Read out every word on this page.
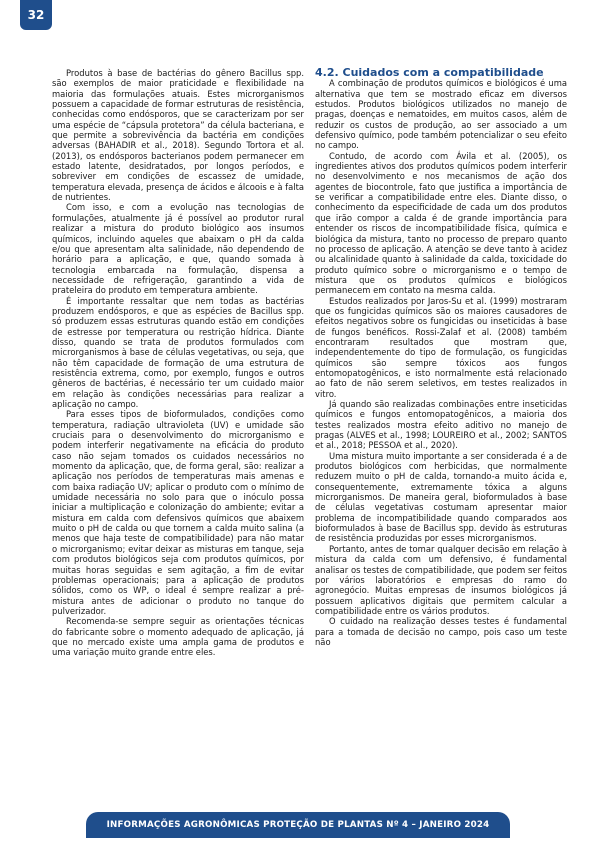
32

Produtos à base de bactérias do gênero Bacillus spp. são exemplos de maior praticidade e flexibilidade na maioria das formulações atuais. Estes microrganismos possuem a capacidade de formar estruturas de resistência, conhecidas como endósporos, que se caracterizam por ser uma espécie de “cápsula protetora” da célula bacteriana, e que permite a sobrevivência da bactéria em condições adversas (BAHADIR et al., 2018). Segundo Tortora et al. (2013), os endósporos bacterianos podem permanecer em estado latente, desidratados, por longos períodos, e sobreviver em condições de escassez de umidade, temperatura elevada, presença de ácidos e álcoois e à falta de nutrientes.

Com isso, e com a evolução nas tecnologias de formulações, atualmente já é possível ao produtor rural realizar a mistura do produto biológico aos insumos químicos, incluindo aqueles que abaixam o pH da calda e/ou que apresentam alta salinidade, não dependendo de horário para a aplicação, e que, quando somada à tecnologia embarcada na formulação, dispensa a necessidade de refrigeração, garantindo a vida de prateleira do produto em temperatura ambiente.

É importante ressaltar que nem todas as bactérias produzem endósporos, e que as espécies de Bacillus spp. só produzem essas estruturas quando estão em condições de estresse por temperatura ou restrição hídrica. Diante disso, quando se trata de produtos formulados com microrganismos à base de células vegetativas, ou seja, que não têm capacidade de formação de uma estrutura de resistência extrema, como, por exemplo, fungos e outros gêneros de bactérias, é necessário ter um cuidado maior em relação às condições necessárias para realizar a aplicação no campo.

Para esses tipos de bioformulados, condições como temperatura, radiação ultravioleta (UV) e umidade são cruciais para o desenvolvimento do microrganismo e podem interferir negativamente na eficácia do produto caso não sejam tomados os cuidados necessários no momento da aplicação, que, de forma geral, são: realizar a aplicação nos períodos de temperaturas mais amenas e com baixa radiação UV; aplicar o produto com o mínimo de umidade necessária no solo para que o inóculo possa iniciar a multiplicação e colonização do ambiente; evitar a mistura em calda com defensivos químicos que abaixem muito o pH de calda ou que tornem a calda muito salina (a menos que haja teste de compatibilidade) para não matar o microrganismo; evitar deixar as misturas em tanque, seja com produtos biológicos seja com produtos químicos, por muitas horas seguidas e sem agitação, a fim de evitar problemas operacionais; para a aplicação de produtos sólidos, como os WP, o ideal é sempre realizar a pré-mistura antes de adicionar o produto no tanque do pulverizador.

Recomenda-se sempre seguir as orientações técnicas do fabricante sobre o momento adequado de aplicação, já que no mercado existe uma ampla gama de produtos e uma variação muito grande entre eles.

4.2. Cuidados com a compatibilidade

A combinação de produtos químicos e biológicos é uma alternativa que tem se mostrado eficaz em diversos estudos. Produtos biológicos utilizados no manejo de pragas, doenças e nematoides, em muitos casos, além de reduzir os custos de produção, ao ser associado a um defensivo químico, pode também potencializar o seu efeito no campo.

Contudo, de acordo com Ávila et al. (2005), os ingredientes ativos dos produtos químicos podem interferir no desenvolvimento e nos mecanismos de ação dos agentes de biocontrole, fato que justifica a importância de se verificar a compatibilidade entre eles. Diante disso, o conhecimento da especificidade de cada um dos produtos que irão compor a calda é de grande importância para entender os riscos de incompatibilidade física, química e biológica da mistura, tanto no processo de preparo quanto no processo de aplicação. A atenção se deve tanto à acidez ou alcalinidade quanto à salinidade da calda, toxicidade do produto químico sobre o microrganismo e o tempo de mistura que os produtos químicos e biológicos permanecem em contato na mesma calda.

Estudos realizados por Jaros-Su et al. (1999) mostraram que os fungicidas químicos são os maiores causadores de efeitos negativos sobre os fungicidas ou inseticidas à base de fungos benéficos. Rossi-Zalaf et al. (2008) também encontraram resultados que mostram que, independentemente do tipo de formulação, os fungicidas químicos são sempre tóxicos aos fungos entomopatogênicos, e isto normalmente está relacionado ao fato de não serem seletivos, em testes realizados in vitro.

Já quando são realizadas combinações entre inseticidas químicos e fungos entomopatogênicos, a maioria dos testes realizados mostra efeito aditivo no manejo de pragas (ALVES et al., 1998; LOUREIRO et al., 2002; SANTOS et al., 2018; PESSOA et al., 2020).

Uma mistura muito importante a ser considerada é a de produtos biológicos com herbicidas, que normalmente reduzem muito o pH de calda, tornando-a muito ácida e, consequentemente, extremamente tóxica a alguns microrganismos. De maneira geral, bioformulados à base de células vegetativas costumam apresentar maior problema de incompatibilidade quando comparados aos bioformulados à base de Bacillus spp. devido às estruturas de resistência produzidas por esses microrganismos.

Portanto, antes de tomar qualquer decisão em relação à mistura da calda com um defensivo, é fundamental analisar os testes de compatibilidade, que podem ser feitos por vários laboratórios e empresas do ramo do agronegócio. Muitas empresas de insumos biológicos já possuem aplicativos digitais que permitem calcular a compatibilidade entre os vários produtos.

O cuidado na realização desses testes é fundamental para a tomada de decisão no campo, pois caso um teste não

INFORMAÇÕES AGRONÔMICAS PROTEÇÃO DE PLANTAS Nº 4 – JANEIRO 2024
